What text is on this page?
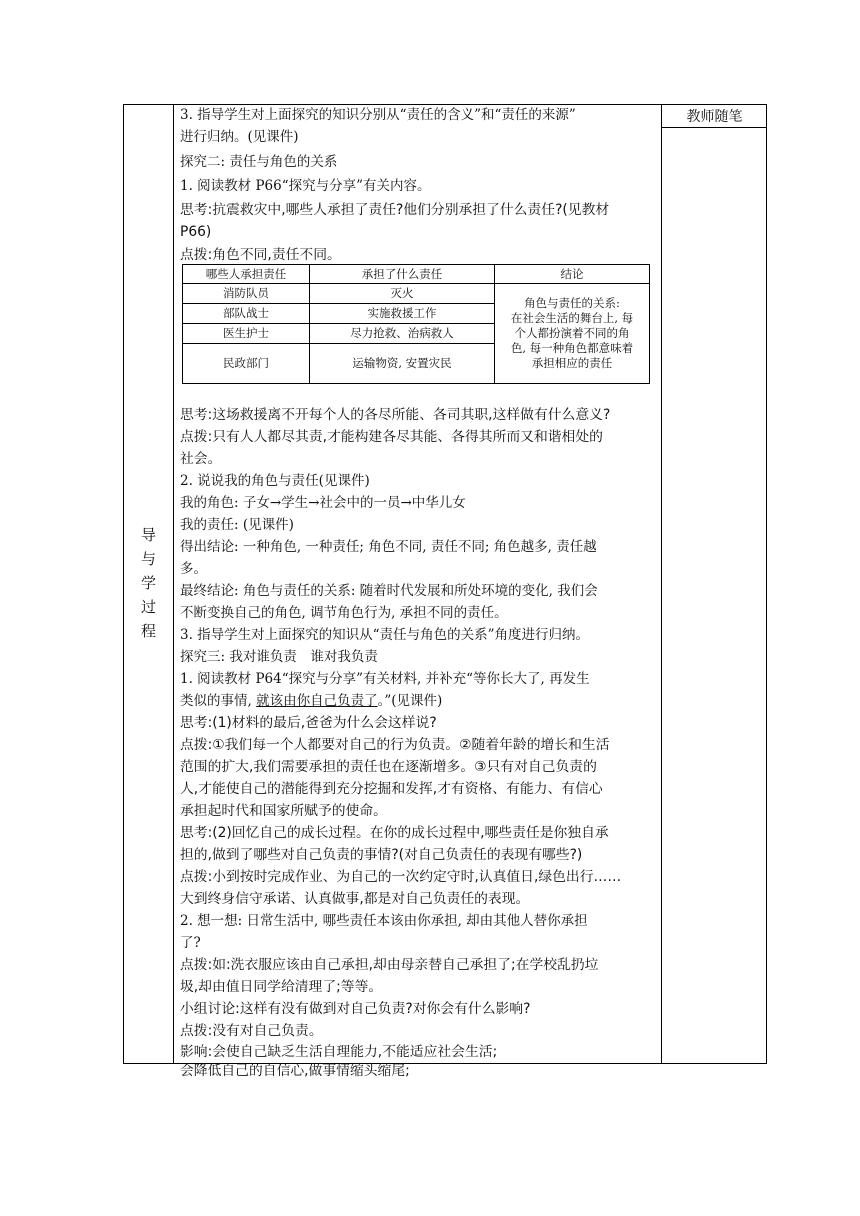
导
与
学
过
程
3. 指导学生对上面探究的知识分别从“责任的含义”和“责任的来源”
进行归纳。(见课件)
探究二: 责任与角色的关系
1. 阅读教材 P66“探究与分享”有关内容。
思考:抗震救灾中,哪些人承担了责任?他们分别承担了什么责任?(见教材
P66)
点拨:角色不同,责任不同。
哪些人承担责任	承担了什么责任	结论
消防队员	灭火	角色与责任的关系:
在社会生活的舞台上, 每
个人都扮演着不同的角
色, 每一种角色都意味着
承担相应的责任

部队战士	实施救援工作	
医生护士	尽力抢救、治病救人	
民政部门	运输物资, 安置灾民	
思考:这场救援离不开每个人的各尽所能、各司其职,这样做有什么意义?
点拨:只有人人都尽其责,才能构建各尽其能、各得其所而又和谐相处的
社会。
2. 说说我的角色与责任(见课件)
我的角色: 子女→学生→社会中的一员→中华儿女
我的责任: (见课件)
得出结论: 一种角色, 一种责任; 角色不同, 责任不同; 角色越多, 责任越
多。
最终结论: 角色与责任的关系: 随着时代发展和所处环境的变化, 我们会
不断变换自己的角色, 调节角色行为, 承担不同的责任。
3. 指导学生对上面探究的知识从“责任与角色的关系”角度进行归纳。
探究三: 我对谁负责　谁对我负责
1. 阅读教材 P64“探究与分享”有关材料, 并补充“等你长大了, 再发生
类似的事情, 就该由你自己负责了。”(见课件)
思考:(1)材料的最后,爸爸为什么会这样说?
点拨:①我们每一个人都要对自己的行为负责。②随着年龄的增长和生活
范围的扩大,我们需要承担的责任也在逐渐增多。③只有对自己负责的
人,才能使自己的潜能得到充分挖掘和发挥,才有资格、有能力、有信心
承担起时代和国家所赋予的使命。
思考:(2)回忆自己的成长过程。在你的成长过程中,哪些责任是你独自承
担的,做到了哪些对自己负责的事情?(对自己负责任的表现有哪些?)
点拨:小到按时完成作业、为自己的一次约定守时,认真值日,绿色出行……
大到终身信守承诺、认真做事,都是对自己负责任的表现。
2. 想一想: 日常生活中, 哪些责任本该由你承担, 却由其他人替你承担
了?
点拨:如:洗衣服应该由自己承担,却由母亲替自己承担了;在学校乱扔垃
圾,却由值日同学给清理了;等等。
小组讨论:这样有没有做到对自己负责?对你会有什么影响?
点拨:没有对自己负责。
影响:会使自己缺乏生活自理能力,不能适应社会生活;
会降低自己的自信心,做事情缩头缩尾;
教师随笔
